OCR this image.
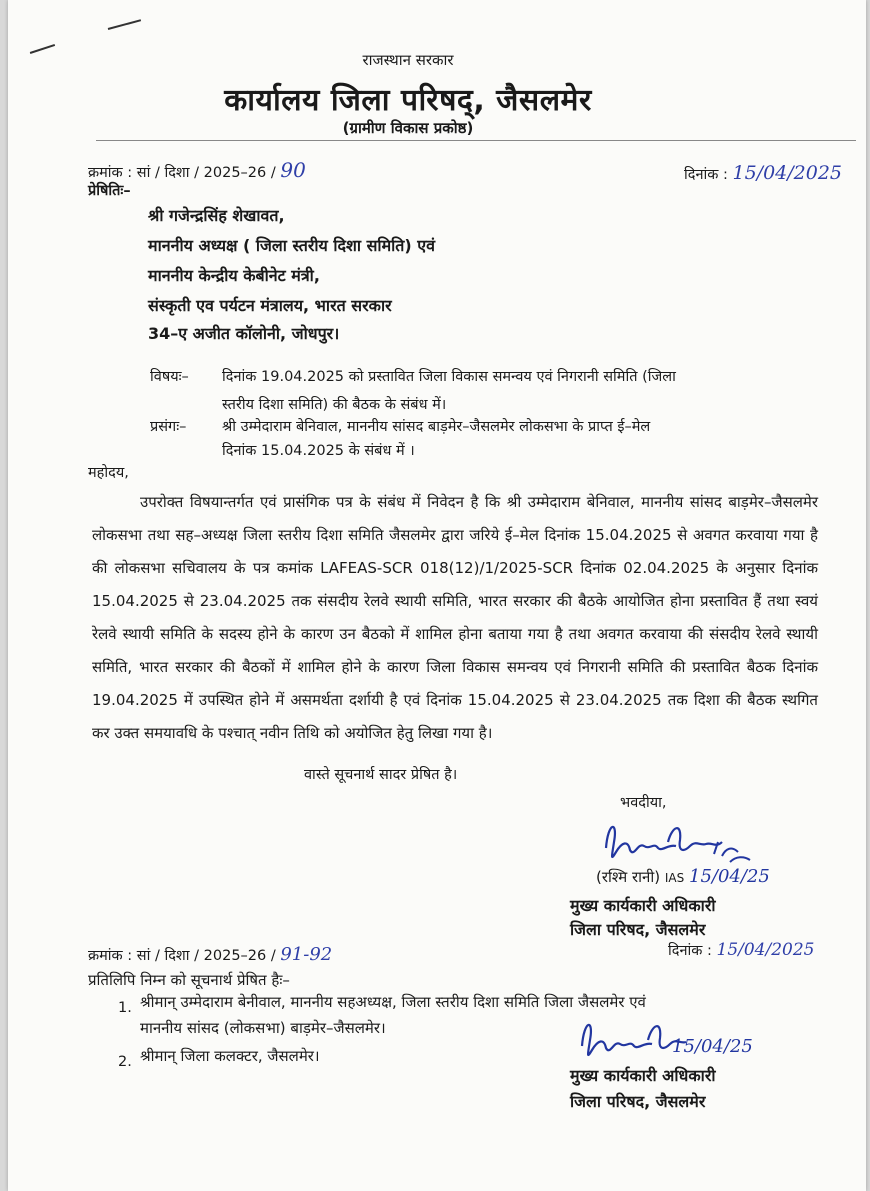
राजस्थान सरकार
कार्यालय जिला परिषद्, जैसलमेर
(ग्रामीण विकास प्रकोष्ठ)
क्रमांक : सां / दिशा / 2025–26 / 90	दिनांक : 15/04/2025
प्रेषितिः–
श्री गजेन्द्रसिंह शेखावत,
माननीय अध्यक्ष ( जिला स्तरीय दिशा समिति) एवं
माननीय केन्द्रीय केबीनेट मंत्री,
संस्कृती एव पर्यटन मंत्रालय, भारत सरकार
34–ए अजीत कॉलोनी, जोधपुर।
विषयः– दिनांक 19.04.2025 को प्रस्तावित जिला विकास समन्वय एवं निगरानी समिति (जिला
स्तरीय दिशा समिति) की बैठक के संबंध में।
प्रसंगः– श्री उम्मेदाराम बेनिवाल, माननीय सांसद बाड़मेर–जैसलमेर लोकसभा के प्राप्त ई–मेल
दिनांक 15.04.2025 के संबंध में ।
महोदय,
उपरोक्त विषयान्तर्गत एवं प्रासंगिक पत्र के संबंध में निवेदन है कि श्री उम्मेदाराम बेनिवाल, माननीय सांसद बाड़मेर–जैसलमेर लोकसभा तथा सह–अध्यक्ष जिला स्तरीय दिशा समिति जैसलमेर द्वारा जरिये ई–मेल दिनांक 15.04.2025 से अवगत करवाया गया है की लोकसभा सचिवालय के पत्र कमांक LAFEAS-SCR 018(12)/1/2025-SCR दिनांक 02.04.2025 के अनुसार दिनांक 15.04.2025 से 23.04.2025 तक संसदीय रेलवे स्थायी समिति, भारत सरकार की बैठके आयोजित होना प्रस्तावित हैं तथा स्वयं रेलवे स्थायी समिति के सदस्य होने के कारण उन बैठको में शामिल होना बताया गया है तथा अवगत करवाया की संसदीय रेलवे स्थायी समिति, भारत सरकार की बैठकों में शामिल होने के कारण जिला विकास समन्वय एवं निगरानी समिति की प्रस्तावित बैठक दिनांक 19.04.2025 में उपस्थित होने में असमर्थता दर्शायी है एवं दिनांक 15.04.2025 से 23.04.2025 तक दिशा की बैठक स्थगित कर उक्त समयावधि के पश्चात् नवीन तिथि को अयोजित हेतु लिखा गया है।
वास्ते सूचनार्थ सादर प्रेषित है।
भवदीया,
(रश्मि रानी) IAS 15/04/25
मुख्य कार्यकारी अधिकारी
जिला परिषद, जैसलमेर
क्रमांक : सां / दिशा / 2025–26 / 91-92	दिनांक : 15/04/2025
प्रतिलिपि निम्न को सूचनार्थ प्रेषित हैः–
1. श्रीमान् उम्मेदाराम बेनीवाल, माननीय सहअध्यक्ष, जिला स्तरीय दिशा समिति जिला जैसलमेर एवं
माननीय सांसद (लोकसभा) बाड़मेर–जैसलमेर।
2. श्रीमान् जिला कलक्टर, जैसलमेर।	15/04/25
मुख्य कार्यकारी अधिकारी
जिला परिषद, जैसलमेर
